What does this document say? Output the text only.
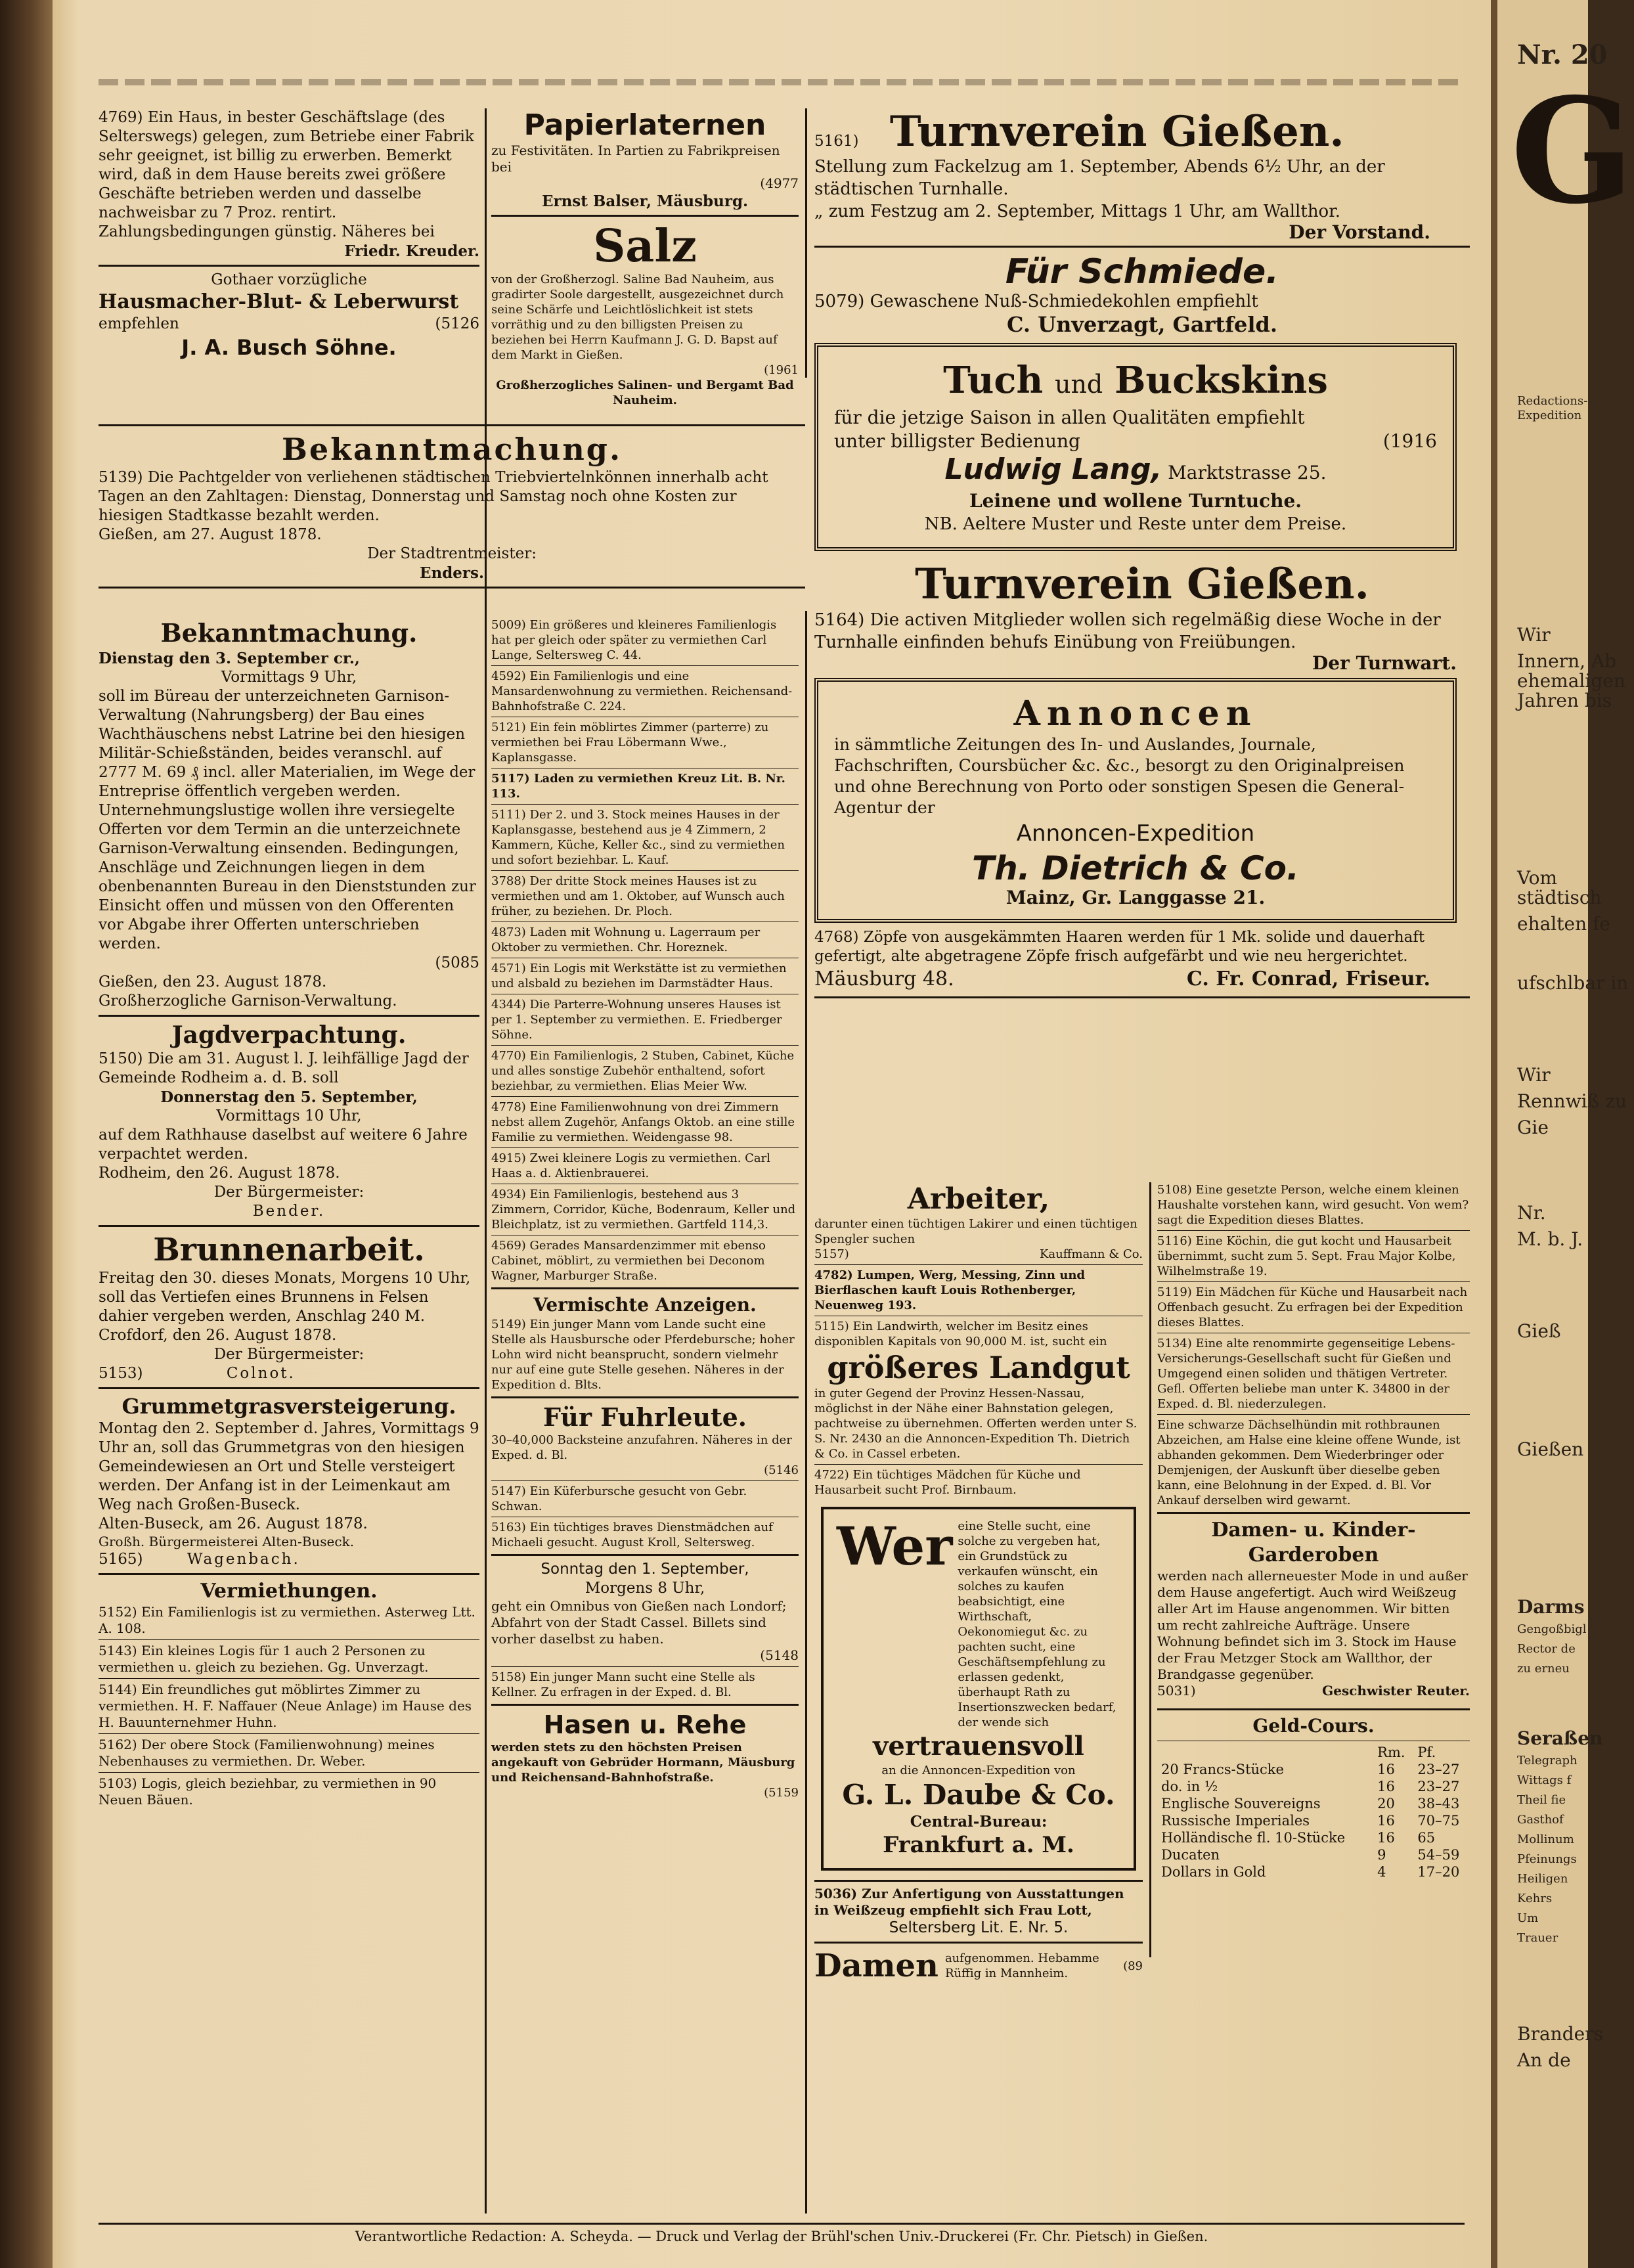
Nr. 20
G
Redactions-
Expedition
Wir
Innern, Ab
ehemaligen
Jahren bis
Vom
städtisch
ehalten fe
ufschlbar in
Wir
Rennwiß zu
Gie
Nr.
M. b. J.
Gieß
Gießen
Darms
Gengoßbigl
Rector de
zu erneu
Seraßen
Telegraph
Wittags f
Theil fie
Gasthof
Mollinum
Pfeinungs
Heiligen
Kehrs
Um
Trauer
Branders
An de

4769) Ein Haus, in bester Geschäftslage (des Selterswegs) gelegen, zum Betriebe einer Fabrik sehr geeignet, ist billig zu erwerben. Bemerkt wird, daß in dem Hause bereits zwei größere Geschäfte betrieben werden und dasselbe nachweisbar zu 7 Proz. rentirt. Zahlungsbedingungen günstig. Näheres bei

Friedr. Kreuder.

Gothaer vorzügliche

Hausmacher-Blut- & Leberwurst

empfehlen	(5126

J. A. Busch Söhne.

Bekanntmachung.

5139) Die Pachtgelder von verliehenen städtischen Triebviertelnkönnen innerhalb acht Tagen an den Zahltagen: Dienstag, Donnerstag und Samstag noch ohne Kosten zur hiesigen Stadtkasse bezahlt werden.

Gießen, am 27. August 1878.

Der Stadtrentmeister:

Enders.

Bekanntmachung.

Dienstag den 3. September cr.,

Vormittags 9 Uhr,

soll im Büreau der unterzeichneten Garnison-Verwaltung (Nahrungsberg) der Bau eines Wachthäuschens nebst Latrine bei den hiesigen Militär-Schießständen, beides veranschl. auf 2777 M. 69 ₰ incl. aller Materialien, im Wege der Entreprise öffentlich vergeben werden. Unternehmungslustige wollen ihre versiegelte Offerten vor dem Termin an die unterzeichnete Garnison-Verwaltung einsenden. Bedingungen, Anschläge und Zeichnungen liegen in dem obenbenannten Bureau in den Dienststunden zur Einsicht offen und müssen von den Offerenten vor Abgabe ihrer Offerten unterschrieben werden.

(5085

Gießen, den 23. August 1878.

Großherzogliche Garnison-Verwaltung.

Jagdverpachtung.

5150) Die am 31. August l. J. leihfällige Jagd der Gemeinde Rodheim a. d. B. soll

Donnerstag den 5. September,

Vormittags 10 Uhr,

auf dem Rathhause daselbst auf weitere 6 Jahre verpachtet werden.

Rodheim, den 26. August 1878.

Der Bürgermeister:

Bender.

Brunnenarbeit.

Freitag den 30. dieses Monats, Morgens 10 Uhr, soll das Vertiefen eines Brunnens in Felsen dahier vergeben werden, Anschlag 240 M.

Crofdorf, den 26. August 1878.

Der Bürgermeister:

5153)	Colnot.

Grummetgrasversteigerung.

Montag den 2. September d. Jahres, Vormittags 9 Uhr an, soll das Grummetgras von den hiesigen Gemeindewiesen an Ort und Stelle versteigert werden. Der Anfang ist in der Leimenkaut am Weg nach Großen-Buseck.

Alten-Buseck, am 26. August 1878.

Großh. Bürgermeisterei Alten-Buseck.

5165)	Wagenbach.

Vermiethungen.

5152) Ein Familienlogis ist zu vermiethen. Asterweg Ltt. A. 108.

5143) Ein kleines Logis für 1 auch 2 Personen zu vermiethen u. gleich zu beziehen. Gg. Unverzagt.

5144) Ein freundliches gut möblirtes Zimmer zu vermiethen. H. F. Naffauer (Neue Anlage) im Hause des H. Bauunternehmer Huhn.

5162) Der obere Stock (Familienwohnung) meines Nebenhauses zu vermiethen. Dr. Weber.

5103) Logis, gleich beziehbar, zu vermiethen in 90 Neuen Bäuen.

Papierlaternen

zu Festivitäten. In Partien zu Fabrikpreisen bei

(4977

Ernst Balser, Mäusburg.

Salz

von der Großherzogl. Saline Bad Nauheim, aus gradirter Soole dargestellt, ausgezeichnet durch seine Schärfe und Leichtlöslichkeit ist stets vorräthig und zu den billigsten Preisen zu beziehen bei Herrn Kaufmann J. G. D. Bapst auf dem Markt in Gießen.

(1961

Großherzogliches Salinen- und Bergamt Bad Nauheim.

5009) Ein größeres und kleineres Familienlogis hat per gleich oder später zu vermiethen Carl Lange, Seltersweg C. 44.

4592) Ein Familienlogis und eine Mansardenwohnung zu vermiethen. Reichensand-Bahnhofstraße C. 224.

5121) Ein fein möblirtes Zimmer (parterre) zu vermiethen bei Frau Löbermann Wwe., Kaplansgasse.

5117) Laden zu vermiethen Kreuz Lit. B. Nr. 113.

5111) Der 2. und 3. Stock meines Hauses in der Kaplansgasse, bestehend aus je 4 Zimmern, 2 Kammern, Küche, Keller &c., sind zu vermiethen und sofort beziehbar. L. Kauf.

3788) Der dritte Stock meines Hauses ist zu vermiethen und am 1. Oktober, auf Wunsch auch früher, zu beziehen. Dr. Ploch.

4873) Laden mit Wohnung u. Lagerraum per Oktober zu vermiethen. Chr. Horeznek.

4571) Ein Logis mit Werkstätte ist zu vermiethen und alsbald zu beziehen im Darmstädter Haus.

4344) Die Parterre-Wohnung unseres Hauses ist per 1. September zu vermiethen. E. Friedberger Söhne.

4770) Ein Familienlogis, 2 Stuben, Cabinet, Küche und alles sonstige Zubehör enthaltend, sofort beziehbar, zu vermiethen. Elias Meier Ww.

4778) Eine Familienwohnung von drei Zimmern nebst allem Zugehör, Anfangs Oktob. an eine stille Familie zu vermiethen. Weidengasse 98.

4915) Zwei kleinere Logis zu vermiethen. Carl Haas a. d. Aktienbrauerei.

4934) Ein Familienlogis, bestehend aus 3 Zimmern, Corridor, Küche, Bodenraum, Keller und Bleichplatz, ist zu vermiethen. Gartfeld 114,3.

4569) Gerades Mansardenzimmer mit ebenso Cabinet, möblirt, zu vermiethen bei Deconom Wagner, Marburger Straße.

Vermischte Anzeigen.

5149) Ein junger Mann vom Lande sucht eine Stelle als Hausbursche oder Pferdebursche; hoher Lohn wird nicht beansprucht, sondern vielmehr nur auf eine gute Stelle gesehen. Näheres in der Expedition d. Blts.

Für Fuhrleute.

30–40,000 Backsteine anzufahren. Näheres in der Exped. d. Bl.

(5146

5147) Ein Küferbursche gesucht von Gebr. Schwan.

5163) Ein tüchtiges braves Dienstmädchen auf Michaeli gesucht. August Kroll, Seltersweg.

Sonntag den 1. September,

Morgens 8 Uhr,

geht ein Omnibus von Gießen nach Londorf; Abfahrt von der Stadt Cassel. Billets sind vorher daselbst zu haben.

(5148

5158) Ein junger Mann sucht eine Stelle als Kellner. Zu erfragen in der Exped. d. Bl.

Hasen u. Rehe

werden stets zu den höchsten Preisen angekauft von Gebrüder Hormann, Mäusburg und Reichensand-Bahnhofstraße.

(5159

5161) Turnverein Gießen.

Stellung zum Fackelzug am 1. September, Abends 6½ Uhr, an der städtischen Turnhalle.

„ zum Festzug am 2. September, Mittags 1 Uhr, am Wallthor.

Der Vorstand.

Für Schmiede.

5079) Gewaschene Nuß-Schmiedekohlen empfiehlt

C. Unverzagt, Gartfeld.

Tuch und Buckskins

für die jetzige Saison in allen Qualitäten empfiehlt

unter billigster Bedienung	(1916

Ludwig Lang, Marktstrasse 25.

Leinene und wollene Turntuche.

NB. Aeltere Muster und Reste unter dem Preise.

Turnverein Gießen.

5164) Die activen Mitglieder wollen sich regelmäßig diese Woche in der Turnhalle einfinden behufs Einübung von Freiübungen.

Der Turnwart.

Annoncen

in sämmtliche Zeitungen des In- und Auslandes, Journale, Fachschriften, Coursbücher &c. &c., besorgt zu den Originalpreisen und ohne Berechnung von Porto oder sonstigen Spesen die General-Agentur der

Annoncen-Expedition

Th. Dietrich & Co.

Mainz, Gr. Langgasse 21.

4768) Zöpfe von ausgekämmten Haaren werden für 1 Mk. solide und dauerhaft gefertigt, alte abgetragene Zöpfe frisch aufgefärbt und wie neu hergerichtet.

Mäusburg 48.	C. Fr. Conrad, Friseur.

Arbeiter,

darunter einen tüchtigen Lakirer und einen tüchtigen Spengler suchen

5157)	Kauffmann & Co.

4782) Lumpen, Werg, Messing, Zinn und Bierflaschen kauft Louis Rothenberger, Neuenweg 193.

5115) Ein Landwirth, welcher im Besitz eines disponiblen Kapitals von 90,000 M. ist, sucht ein

größeres Landgut

in guter Gegend der Provinz Hessen-Nassau, möglichst in der Nähe einer Bahnstation gelegen, pachtweise zu übernehmen. Offerten werden unter S. S. Nr. 2430 an die Annoncen-Expedition Th. Dietrich & Co. in Cassel erbeten.

4722) Ein tüchtiges Mädchen für Küche und Hausarbeit sucht Prof. Birnbaum.

Wer eine Stelle sucht, eine solche zu vergeben hat, ein Grundstück zu verkaufen wünscht, ein solches zu kaufen beabsichtigt, eine Wirthschaft, Oekonomiegut &c. zu pachten sucht, eine Geschäftsempfehlung zu erlassen gedenkt, überhaupt Rath zu Insertionszwecken bedarf, der wende sich

vertrauensvoll

an die Annoncen-Expedition von

G. L. Daube & Co.

Central-Bureau:

Frankfurt a. M.

5036) Zur Anfertigung von Ausstattungen in Weißzeug empfiehlt sich Frau Lott,

Seltersberg Lit. E. Nr. 5.

Damen aufgenommen. Hebamme Rüffig in Mannheim.
(89

5108) Eine gesetzte Person, welche einem kleinen Haushalte vorstehen kann, wird gesucht. Von wem? sagt die Expedition dieses Blattes.

5116) Eine Köchin, die gut kocht und Hausarbeit übernimmt, sucht zum 5. Sept. Frau Major Kolbe, Wilhelmstraße 19.

5119) Ein Mädchen für Küche und Hausarbeit nach Offenbach gesucht. Zu erfragen bei der Expedition dieses Blattes.

5134) Eine alte renommirte gegenseitige Lebens-Versicherungs-Gesellschaft sucht für Gießen und Umgegend einen soliden und thätigen Vertreter. Gefl. Offerten beliebe man unter K. 34800 in der Exped. d. Bl. niederzulegen.

Eine schwarze Dächselhündin mit rothbraunen Abzeichen, am Halse eine kleine offene Wunde, ist abhanden gekommen. Dem Wiederbringer oder Demjenigen, der Auskunft über dieselbe geben kann, eine Belohnung in der Exped. d. Bl. Vor Ankauf derselben wird gewarnt.

Damen- u. Kinder-Garderoben

werden nach allerneuester Mode in und außer dem Hause angefertigt. Auch wird Weißzeug aller Art im Hause angenommen. Wir bitten um recht zahlreiche Aufträge. Unsere Wohnung befindet sich im 3. Stock im Hause der Frau Metzger Stock am Wallthor, der Brandgasse gegenüber.

5031)	Geschwister Reuter.

Geld-Cours.

	Rm.	Pf.
20 Francs-Stücke	16	23–27
do. in ½	16	23–27
Englische Souvereigns	20	38–43
Russische Imperiales	16	70–75
Holländische fl. 10-Stücke	16	65
Ducaten	9	54–59
Dollars in Gold	4	17–20
Verantwortliche Redaction: A. Scheyda. — Druck und Verlag der Brühl'schen Univ.-Druckerei (Fr. Chr. Pietsch) in Gießen.
